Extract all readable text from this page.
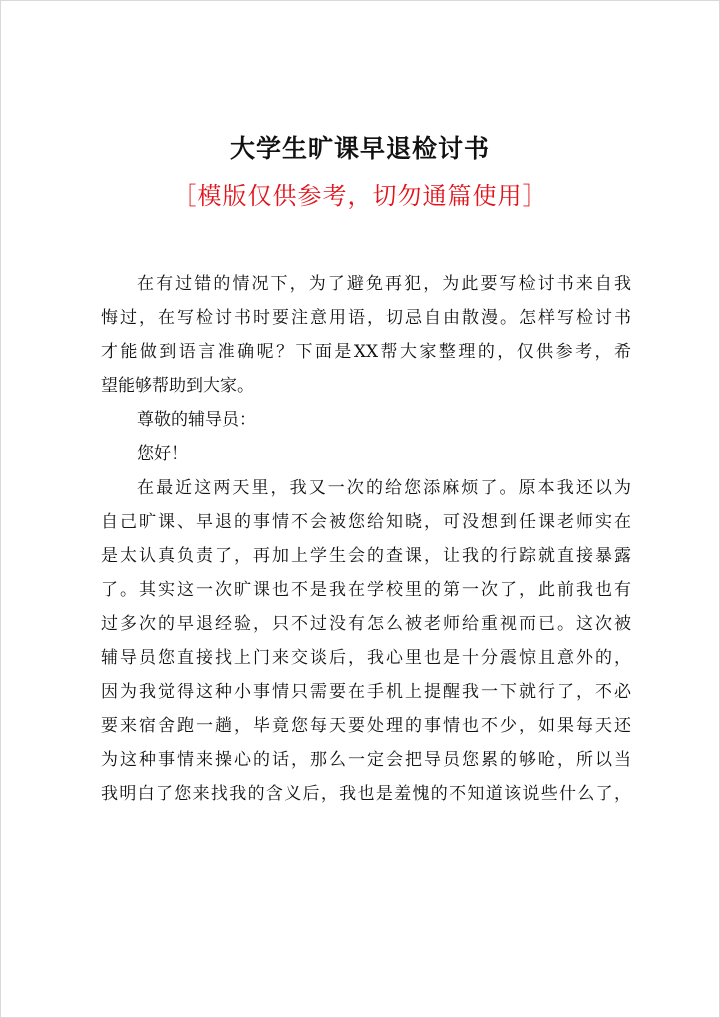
大学生旷课早退检讨书
［模版仅供参考，切勿通篇使用］
在有过错的情况下，为了避免再犯，为此要写检讨书来自我
悔过，在写检讨书时要注意用语，切忌自由散漫。怎样写检讨书
才能做到语言准确呢？下面是XX帮大家整理的，仅供参考，希
望能够帮助到大家。
尊敬的辅导员：
您好！
在最近这两天里，我又一次的给您添麻烦了。原本我还以为
自己旷课、早退的事情不会被您给知晓，可没想到任课老师实在
是太认真负责了，再加上学生会的查课，让我的行踪就直接暴露
了。其实这一次旷课也不是我在学校里的第一次了，此前我也有
过多次的早退经验，只不过没有怎么被老师给重视而已。这次被
辅导员您直接找上门来交谈后，我心里也是十分震惊且意外的，
因为我觉得这种小事情只需要在手机上提醒我一下就行了，不必
要来宿舍跑一趟，毕竟您每天要处理的事情也不少，如果每天还
为这种事情来操心的话，那么一定会把导员您累的够呛，所以当
我明白了您来找我的含义后，我也是羞愧的不知道该说些什么了，
